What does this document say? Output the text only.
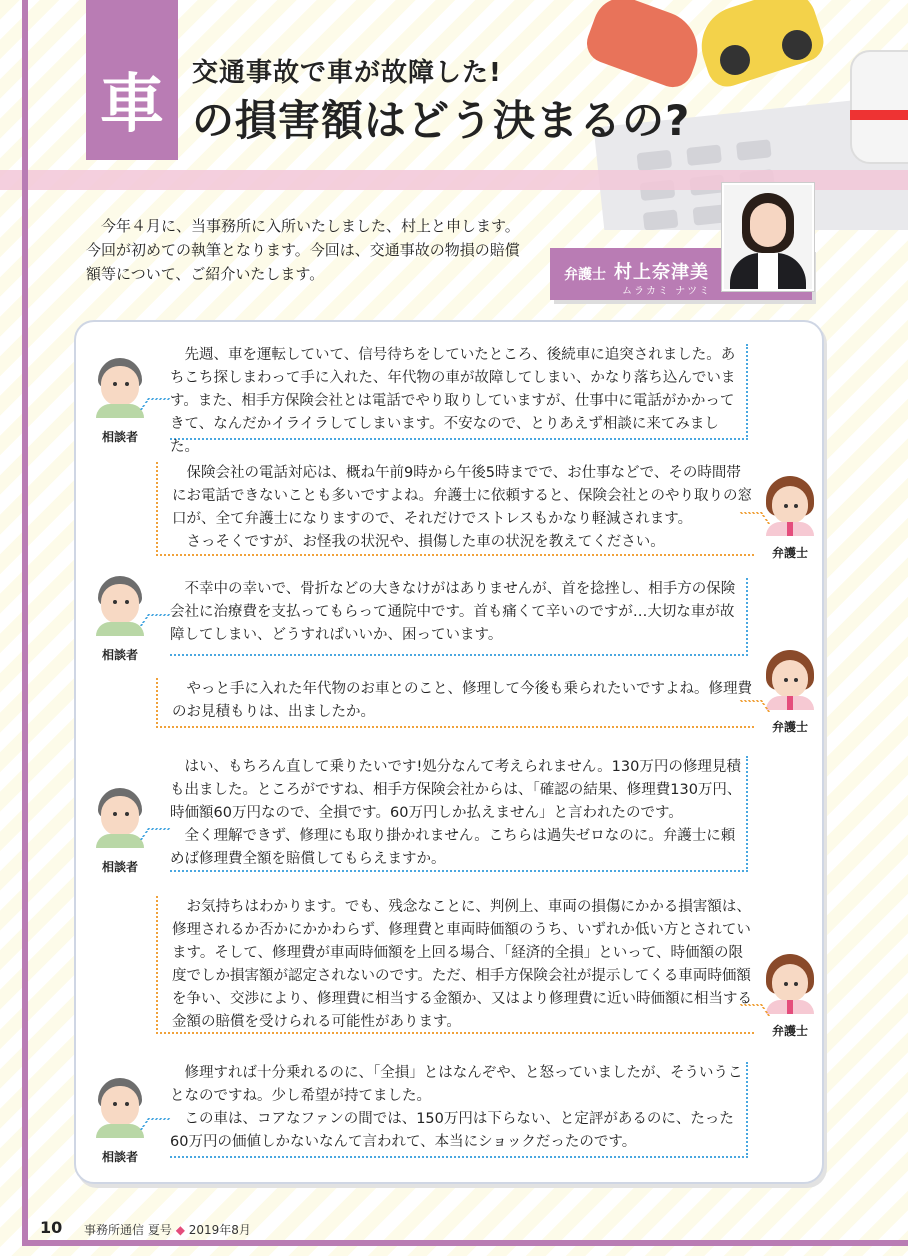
車	交通事故で車が故障した!
の損害額はどう決まるの?
今年４月に、当事務所に入所いたしました、村上と申します。今回が初めての執筆となります。今回は、交通事故の物損の賠償額等について、ご紹介いたします。	弁護士 村上奈津美
ムラカミ ナツミ
相談者

先週、車を運転していて、信号待ちをしていたところ、後続車に追突されました。あちこち探しまわって手に入れた、年代物の車が故障してしまい、かなり落ち込んでいます。また、相手方保険会社とは電話でやり取りしていますが、仕事中に電話がかかってきて、なんだかイライラしてしまいます。不安なので、とりあえず相談に来てみました。

弁護士

保険会社の電話対応は、概ね午前9時から午後5時までで、お仕事などで、その時間帯にお電話できないことも多いですよね。弁護士に依頼すると、保険会社とのやり取りの窓口が、全て弁護士になりますので、それだけでストレスもかなり軽減されます。

さっそくですが、お怪我の状況や、損傷した車の状況を教えてください。

相談者

不幸中の幸いで、骨折などの大きなけがはありませんが、首を捻挫し、相手方の保険会社に治療費を支払ってもらって通院中です。首も痛くて辛いのですが…大切な車が故障してしまい、どうすればいいか、困っています。

弁護士

やっと手に入れた年代物のお車とのこと、修理して今後も乗られたいですよね。修理費のお見積もりは、出ましたか。

相談者

はい、もちろん直して乗りたいです!処分なんて考えられません。130万円の修理見積も出ました。ところがですね、相手方保険会社からは、「確認の結果、修理費130万円、時価額60万円なので、全損です。60万円しか払えません」と言われたのです。

全く理解できず、修理にも取り掛かれません。こちらは過失ゼロなのに。弁護士に頼めば修理費全額を賠償してもらえますか。

弁護士

お気持ちはわかります。でも、残念なことに、判例上、車両の損傷にかかる損害額は、修理されるか否かにかかわらず、修理費と車両時価額のうち、いずれか低い方とされています。そして、修理費が車両時価額を上回る場合、「経済的全損」といって、時価額の限度でしか損害額が認定されないのです。ただ、相手方保険会社が提示してくる車両時価額を争い、交渉により、修理費に相当する金額か、又はより修理費に近い時価額に相当する金額の賠償を受けられる可能性があります。

相談者

修理すれば十分乗れるのに、「全損」とはなんぞや、と怒っていましたが、そういうことなのですね。少し希望が持てました。

この車は、コアなファンの間では、150万円は下らない、と定評があるのに、たった60万円の価値しかないなんて言われて、本当にショックだったのです。

10 事務所通信 夏号 ◆ 2019年8月
